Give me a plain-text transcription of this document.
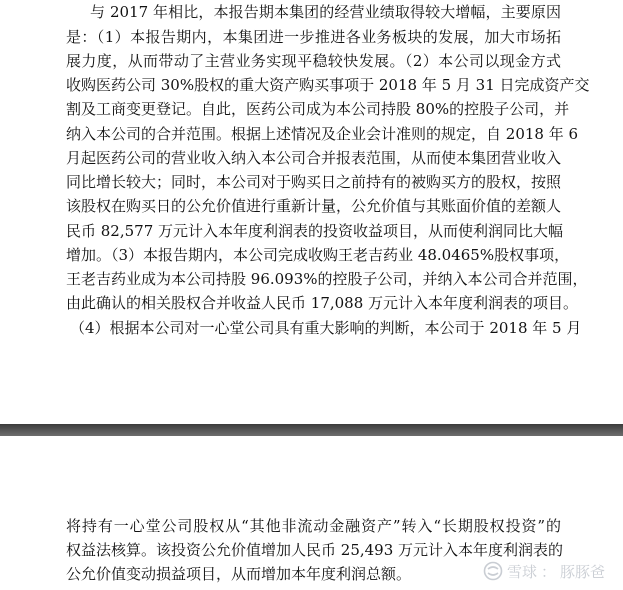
与 2017 年相比，本报告期本集团的经营业绩取得较大增幅，主要原因
是：（1）本报告期内，本集团进一步推进各业务板块的发展，加大市场拓
展力度，从而带动了主营业务实现平稳较快发展。（2）本公司以现金方式
收购医药公司 30%股权的重大资产购买事项于 2018 年 5 月 31 日完成资产交
割及工商变更登记。自此，医药公司成为本公司持股 80%的控股子公司，并
纳入本公司的合并范围。根据上述情况及企业会计准则的规定，自 2018 年 6
月起医药公司的营业收入纳入本公司合并报表范围，从而使本集团营业收入
同比增长较大；同时，本公司对于购买日之前持有的被购买方的股权，按照
该股权在购买日的公允价值进行重新计量，公允价值与其账面价值的差额人
民币 82,577 万元计入本年度利润表的投资收益项目，从而使利润同比大幅
增加。（3）本报告期内，本公司完成收购王老吉药业 48.0465%股权事项，
王老吉药业成为本公司持股 96.093%的控股子公司，并纳入本公司合并范围，
由此确认的相关股权合并收益人民币 17,088 万元计入本年度利润表的项目。
（4）根据本公司对一心堂公司具有重大影响的判断，本公司于 2018 年 5 月
将持有一心堂公司股权从“其他非流动金融资产”转入“长期股权投资”的
权益法核算。该投资公允价值增加人民币 25,493 万元计入本年度利润表的
公允价值变动损益项目，从而增加本年度利润总额。	雪球 ： 豚豚爸
